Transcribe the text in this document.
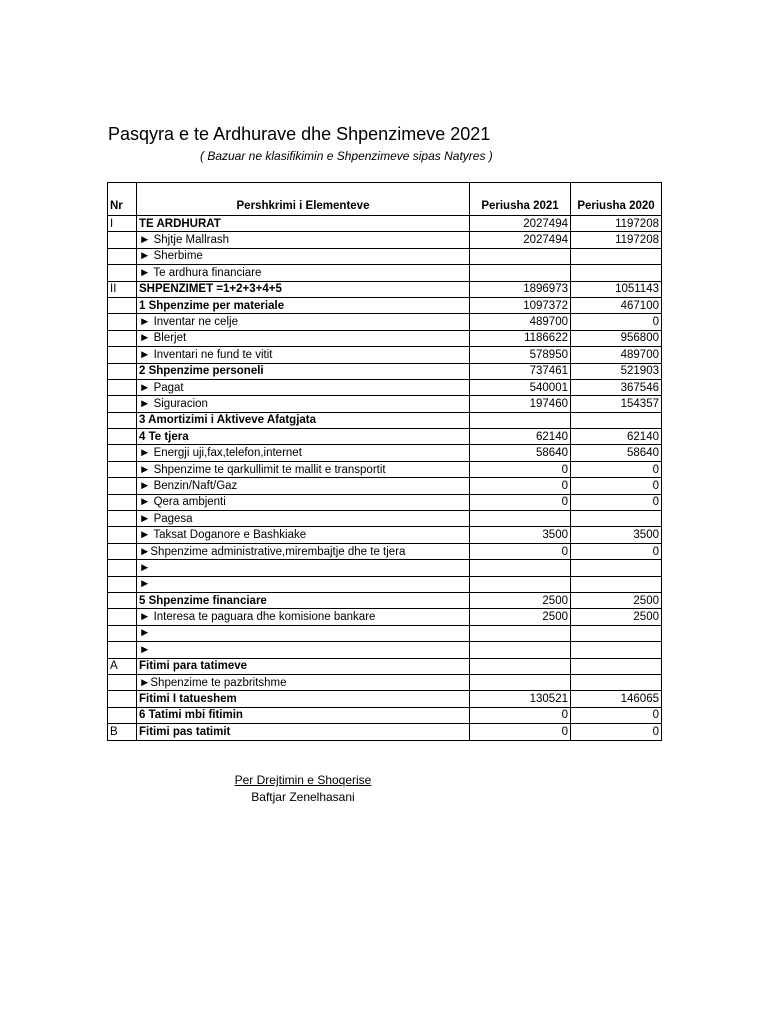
Pasqyra e te Ardhurave dhe Shpenzimeve 2021
( Bazuar ne klasifikimin e Shpenzimeve sipas Natyres )
Nr	Pershkrimi i Elementeve	Periusha 2021	Periusha 2020
I	TE ARDHURAT	2027494	1197208
	► Shjtje Mallrash	2027494	1197208
	► Sherbime		
	► Te ardhura financiare		
II	SHPENZIMET =1+2+3+4+5	1896973	1051143
	1 Shpenzime per materiale	1097372	467100
	► Inventar ne celje	489700	0
	► Blerjet	1186622	956800
	► Inventari ne fund te vitit	578950	489700
	2 Shpenzime personeli	737461	521903
	► Pagat	540001	367546
	► Siguracion	197460	154357
	3 Amortizimi i Aktiveve Afatgjata		
	4 Te tjera	62140	62140
	► Energji uji,fax,telefon,internet	58640	58640
	► Shpenzime te qarkullimit te mallit e transportit	0	0
	► Benzin/Naft/Gaz	0	0
	► Qera ambjenti	0	0
	► Pagesa		
	► Taksat Doganore e Bashkiake	3500	3500
	►Shpenzime administrative,mirembajtje dhe te tjera	0	0
	►		
	►		
	5 Shpenzime financiare	2500	2500
	► Interesa te paguara dhe komisione bankare	2500	2500
	►		
	►		
A	Fitimi para tatimeve		
	►Shpenzime te pazbritshme		
	Fitimi I tatueshem	130521	146065
	6 Tatimi mbi fitimin	0	0
B	Fitimi pas tatimit	0	0
Per Drejtimin e Shoqerise
Baftjar Zenelhasani
